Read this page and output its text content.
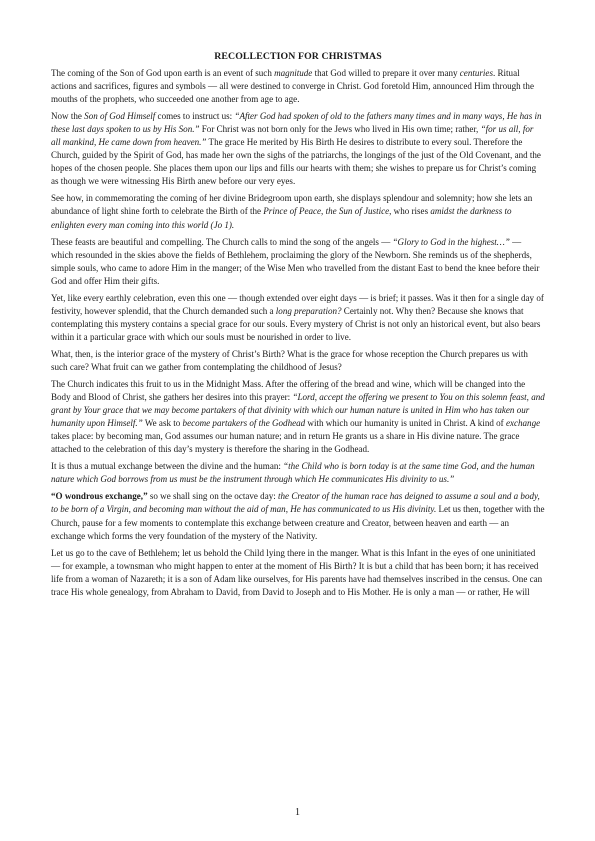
RECOLLECTION FOR CHRISTMAS

The coming of the Son of God upon earth is an event of such magnitude that God willed to prepare it over many centuries. Ritual actions and sacrifices, figures and symbols — all were destined to converge in Christ. God foretold Him, announced Him through the mouths of the prophets, who succeeded one another from age to age.

Now the Son of God Himself comes to instruct us: “After God had spoken of old to the fathers many times and in many ways, He has in these last days spoken to us by His Son.” For Christ was not born only for the Jews who lived in His own time; rather, “for us all, for all mankind, He came down from heaven.” The grace He merited by His Birth He desires to distribute to every soul. Therefore the Church, guided by the Spirit of God, has made her own the sighs of the patriarchs, the longings of the just of the Old Covenant, and the hopes of the chosen people. She places them upon our lips and fills our hearts with them; she wishes to prepare us for Christ’s coming as though we were witnessing His Birth anew before our very eyes.

See how, in commemorating the coming of her divine Bridegroom upon earth, she displays splendour and solemnity; how she lets an abundance of light shine forth to celebrate the Birth of the Prince of Peace, the Sun of Justice, who rises amidst the darkness to enlighten every man coming into this world (Jo 1).

These feasts are beautiful and compelling. The Church calls to mind the song of the angels — “Glory to God in the highest…” — which resounded in the skies above the fields of Bethlehem, proclaiming the glory of the Newborn. She reminds us of the shepherds, simple souls, who came to adore Him in the manger; of the Wise Men who travelled from the distant East to bend the knee before their God and offer Him their gifts.

Yet, like every earthly celebration, even this one — though extended over eight days — is brief; it passes. Was it then for a single day of festivity, however splendid, that the Church demanded such a long preparation? Certainly not. Why then? Because she knows that contemplating this mystery contains a special grace for our souls. Every mystery of Christ is not only an historical event, but also bears within it a particular grace with which our souls must be nourished in order to live.

What, then, is the interior grace of the mystery of Christ’s Birth? What is the grace for whose reception the Church prepares us with such care? What fruit can we gather from contemplating the childhood of Jesus?

The Church indicates this fruit to us in the Midnight Mass. After the offering of the bread and wine, which will be changed into the Body and Blood of Christ, she gathers her desires into this prayer: “Lord, accept the offering we present to You on this solemn feast, and grant by Your grace that we may become partakers of that divinity with which our human nature is united in Him who has taken our humanity upon Himself.” We ask to become partakers of the Godhead with which our humanity is united in Christ. A kind of exchange takes place: by becoming man, God assumes our human nature; and in return He grants us a share in His divine nature. The grace attached to the celebration of this day’s mystery is therefore the sharing in the Godhead.

It is thus a mutual exchange between the divine and the human: “the Child who is born today is at the same time God, and the human nature which God borrows from us must be the instrument through which He communicates His divinity to us.”

“O wondrous exchange,” so we shall sing on the octave day: the Creator of the human race has deigned to assume a soul and a body, to be born of a Virgin, and becoming man without the aid of man, He has communicated to us His divinity. Let us then, together with the Church, pause for a few moments to contemplate this exchange between creature and Creator, between heaven and earth — an exchange which forms the very foundation of the mystery of the Nativity.

Let us go to the cave of Bethlehem; let us behold the Child lying there in the manger. What is this Infant in the eyes of one uninitiated — for example, a townsman who might happen to enter at the moment of His Birth? It is but a child that has been born; it has received life from a woman of Nazareth; it is a son of Adam like ourselves, for His parents have had themselves inscribed in the census. One can trace His whole genealogy, from Abraham to David, from David to Joseph and to His Mother. He is only a man — or rather, He will

1
